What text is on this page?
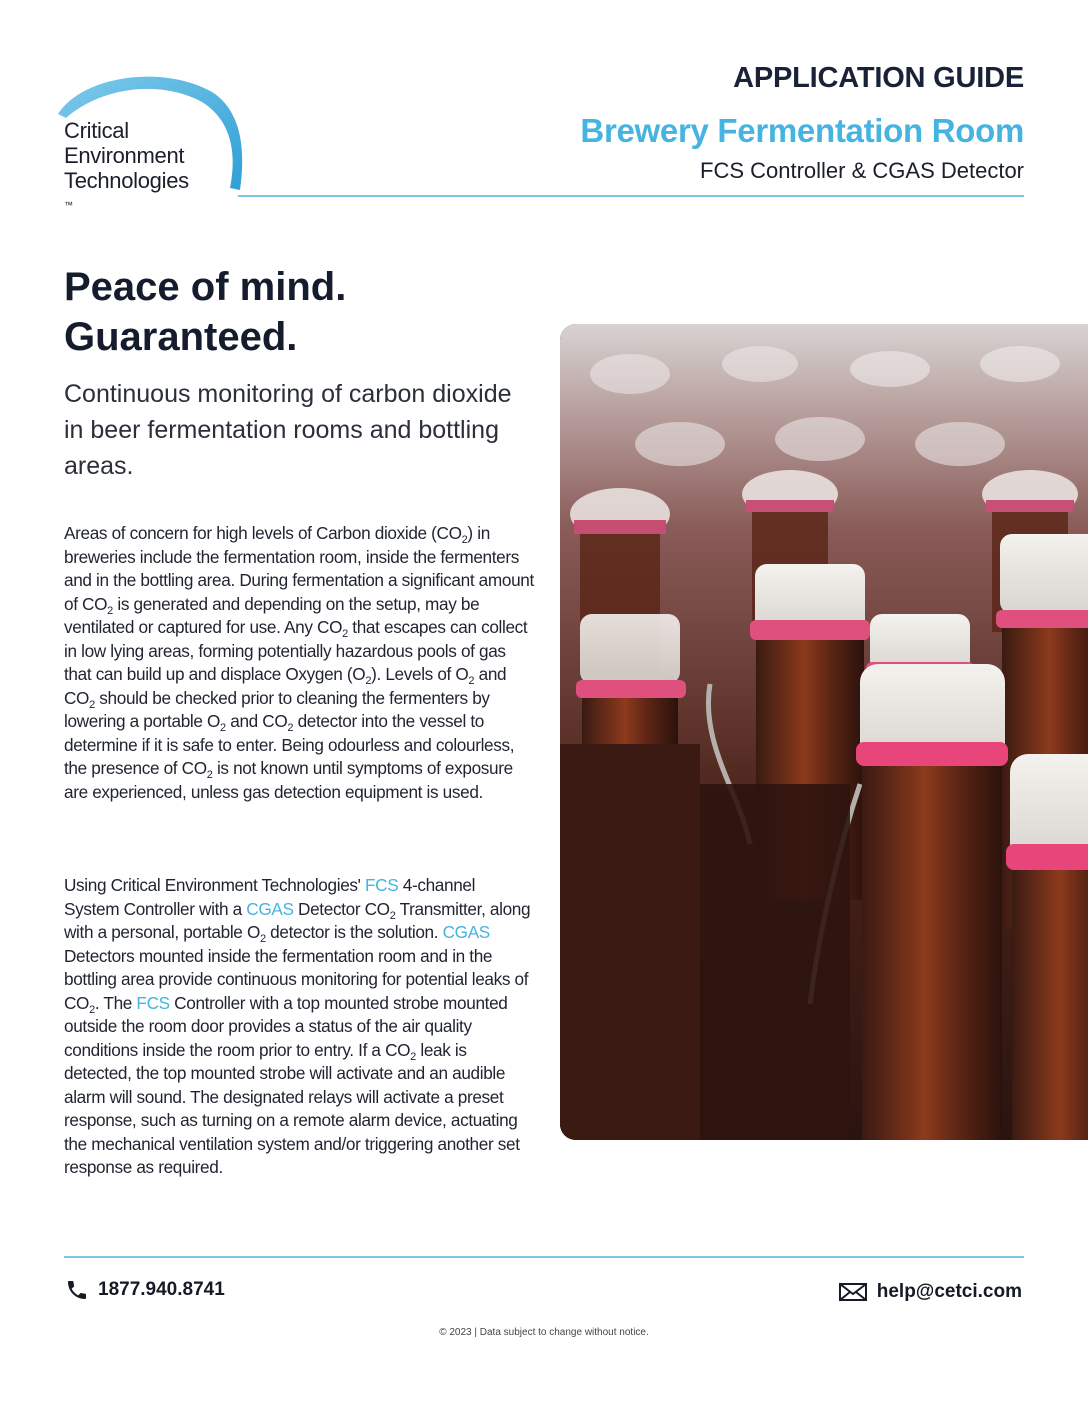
Critical
Environment
Technologies
™
APPLICATION GUIDE
Brewery Fermentation Room
FCS Controller & CGAS Detector
Peace of mind.
Guaranteed.
Continuous monitoring of carbon dioxide in beer fermentation rooms and bottling areas.
Areas of concern for high levels of Carbon dioxide $(CO_2)$ in breweries include the fermentation room, inside the fermenters and in the bottling area. During fermentation a significant amount of $CO_2$ is generated and depending on the setup, may be ventilated or captured for use. Any $CO_2$ that escapes can collect in low lying areas, forming potentially hazardous pools of gas that can build up and displace Oxygen $(O_2)$. Levels of $O_2$ and $CO_2$ should be checked prior to cleaning the fermenters by lowering a portable $O_2$ and $CO_2$ detector into the vessel to determine if it is safe to enter. Being odourless and colourless, the presence of $CO_2$ is not known until symptoms of exposure are experienced, unless gas detection equipment is used.
Using Critical Environment Technologies' FCS 4-channel System Controller with a CGAS Detector $CO_2$ Transmitter, along with a personal, portable $O_2$ detector is the solution. CGAS Detectors mounted inside the fermentation room and in the bottling area provide continuous monitoring for potential leaks of $CO_2$. The FCS Controller with a top mounted strobe mounted outside the room door provides a status of the air quality conditions inside the room prior to entry. If a $CO_2$ leak is detected, the top mounted strobe will activate and an audible alarm will sound. The designated relays will activate a preset response, such as turning on a remote alarm device, actuating the mechanical ventilation system and/or triggering another set response as required.
1877.940.8741	help@cetci.com
© 2023 | Data subject to change without notice.
